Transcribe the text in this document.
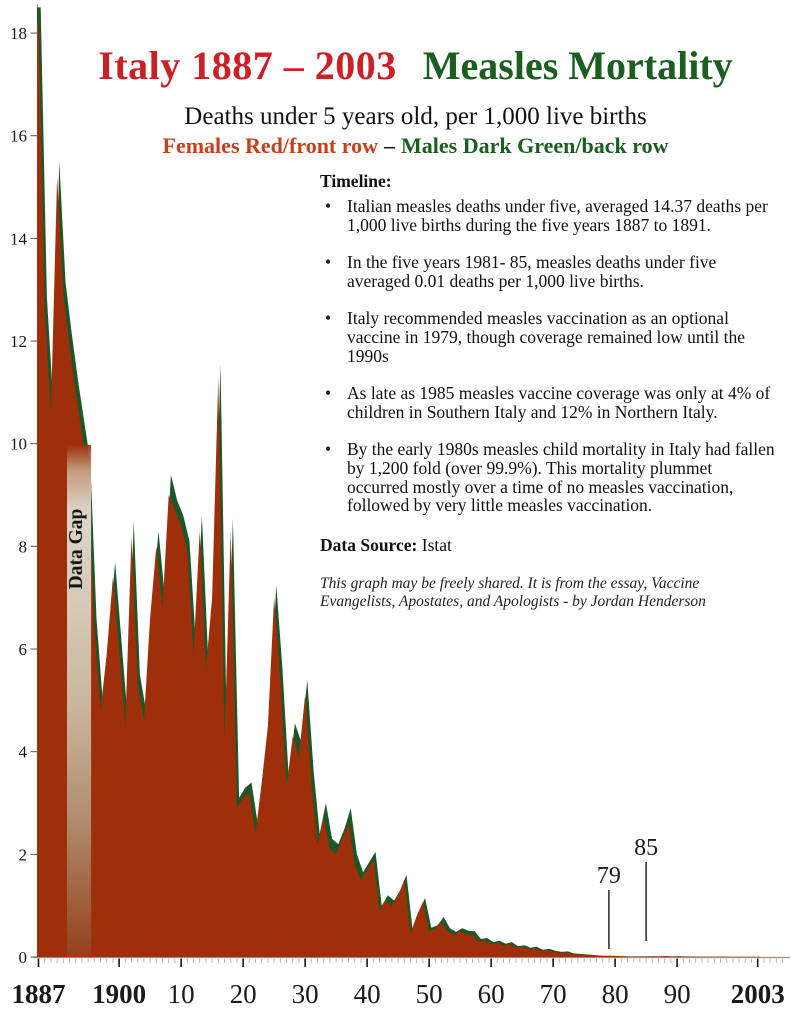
0
2
4
6
8
10
12
14
16
18
1887 1900 10 20 30 40 50 60 70 80 90 2003
Data Gap
79
85
Italy 1887 – 2003 Measles Mortality
Deaths under 5 years old, per 1,000 live births
Females Red/front row – Males Dark Green/back row
Timeline:
• Italian measles deaths under five, averaged 14.37 deaths per 1,000 live births during the five years 1887 to 1891.
• In the five years 1981- 85, measles deaths under five averaged 0.01 deaths per 1,000 live births.
• Italy recommended measles vaccination as an optional vaccine in 1979, though coverage remained low until the 1990s
• As late as 1985 measles vaccine coverage was only at 4% of children in Southern Italy and 12% in Northern Italy.
• By the early 1980s measles child mortality in Italy had fallen by 1,200 fold (over 99.9%). This mortality plummet occurred mostly over a time of no measles vaccination, followed by very little measles vaccination.
Data Source: Istat
This graph may be freely shared. It is from the essay, Vaccine Evangelists, Apostates, and Apologists - by Jordan Henderson
